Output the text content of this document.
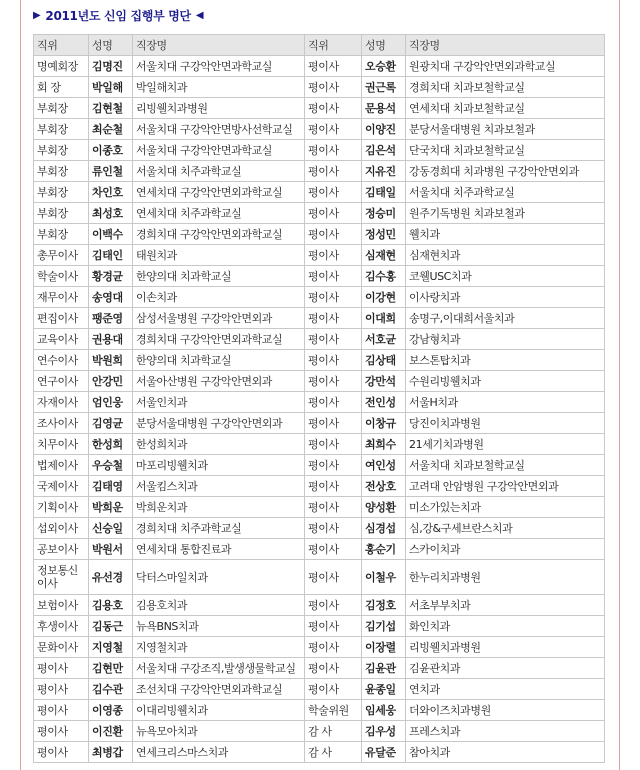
▶ 2011년도 신임 집행부 명단 ◀
직위	성명	직장명	직위	성명	직장명
명예회장	김명진	서울치대 구강악안면과학교실	평이사	오승환	원광치대 구강악안면외과학교실
회 장	박일해	박일해치과	평이사	권근록	경희치대 치과보철학교실
부회장	김현철	리빙웰치과병원	평이사	문용석	연세치대 치과보철학교실
부회장	최순철	서울치대 구강악안면방사선학교실	평이사	이양진	분당서울대병원 치과보철과
부회장	이종호	서울치대 구강악안면과학교실	평이사	김은석	단국치대 치과보철학교실
부회장	류인철	서울치대 치주과학교실	평이사	지유진	강동경희대 치과병원 구강악안면외과
부회장	차인호	연세치대 구강악안면외과학교실	평이사	김태일	서울치대 치주과학교실
부회장	최성호	연세치대 치주과학교실	평이사	정승미	원주기독병원 치과보철과
부회장	이백수	경희치대 구강악안면외과학교실	평이사	정성민	웰치과
총무이사	김태인	태원치과	평이사	심재현	심재현치과
학술이사	황경균	한양의대 치과학교실	평이사	김수홍	코웰USC치과
재무이사	송영대	이손치과	평이사	이강현	이사랑치과
편집이사	팽준영	삼성서울병원 구강악안면외과	평이사	이대희	송명구,이대희서울치과
교육이사	권용대	경희치대 구강악안면외과학교실	평이사	서호균	강남형치과
연수이사	박원희	한양의대 치과학교실	평이사	김상태	보스톤탑치과
연구이사	안강민	서울아산병원 구강악안면외과	평이사	강만석	수원리빙웰치과
자재이사	엄인웅	서울인치과	평이사	전인성	서울H치과
조사이사	김영균	분당서울대병원 구강악안면외과	평이사	이창규	당진이치과병원
치무이사	한성희	한성희치과	평이사	최희수	21세기치과병원
법제이사	우승철	마포리빙웰치과	평이사	여인성	서울치대 치과보철학교실
국제이사	김태영	서울킴스치과	평이사	전상호	고려대 안암병원 구강악안면외과
기획이사	박희운	박희운치과	평이사	양성환	미소가있는치과
섭외이사	신승일	경희치대 치주과학교실	평이사	심경섭	심,강&구세브란스치과
공보이사	박원서	연세치대 통합진료과	평이사	홍순기	스카이치과
정보통신이사	유선경	닥터스마일치과	평이사	이철우	한누리치과병원
보험이사	김용호	김용호치과	평이사	김정호	서초부부치과
후생이사	김동근	뉴욕BNS치과	평이사	김기섭	화인치과
문화이사	지영철	지영철치과	평이사	이장렬	리빙웰치과병원
평이사	김현만	서울치대 구강조직,발생생물학교실	평이사	김윤관	김윤관치과
평이사	김수관	조선치대 구강악안면외과학교실	평이사	윤종일	연치과
평이사	이영종	이대리빙웰치과	학술위원	임세웅	더와이즈치과병원
평이사	이진환	뉴욕모아치과	감 사	김우성	프레스치과
평이사	최병갑	연세크리스마스치과	감 사	유달준	참아치과
